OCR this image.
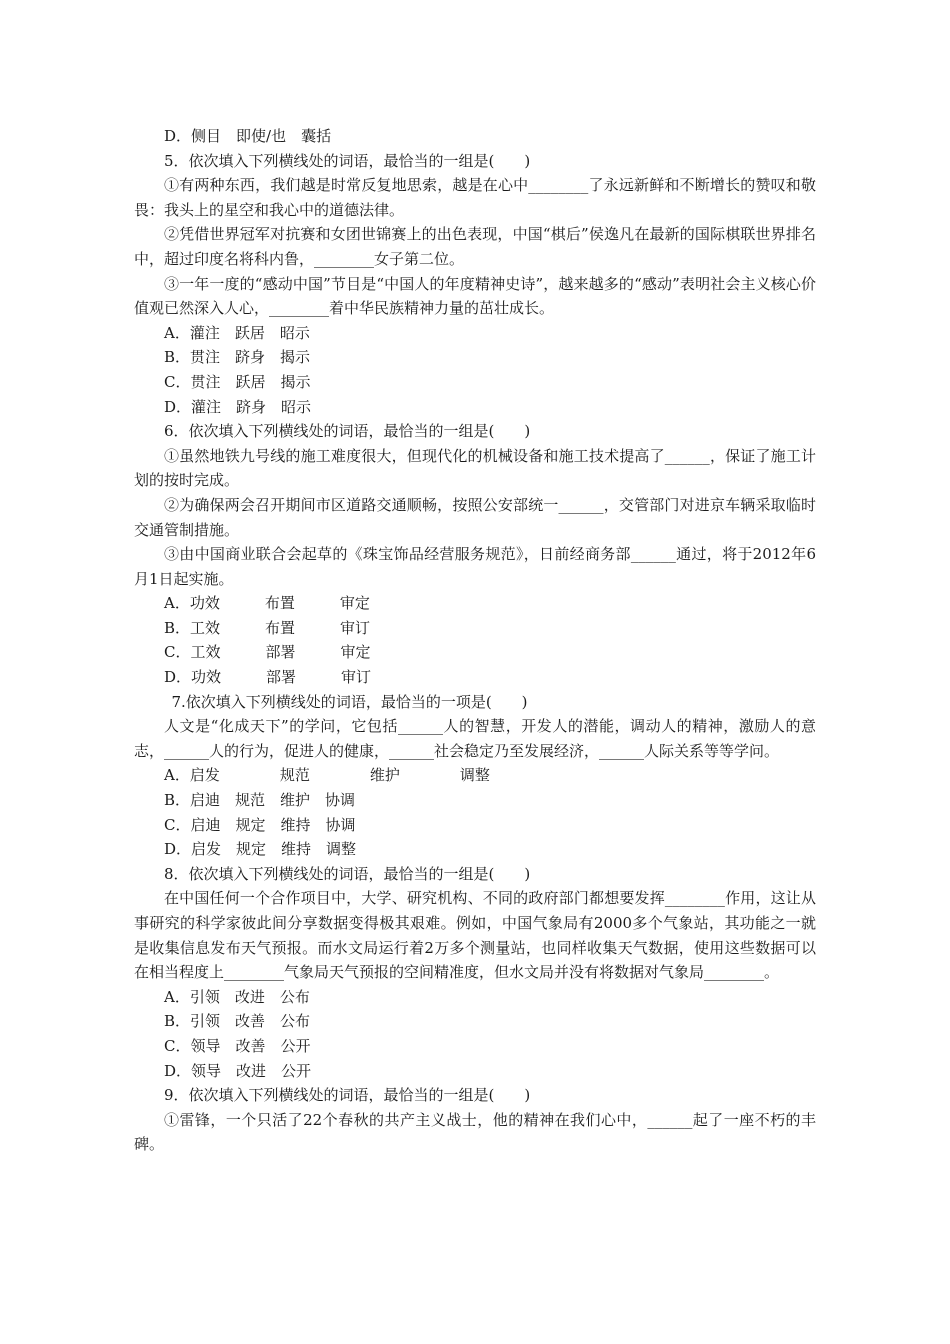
D．侧目　即使/也　囊括
5．依次填入下列横线处的词语，最恰当的一组是(　　)
①有两种东西，我们越是时常反复地思索，越是在心中________了永远新鲜和不断增长的赞叹和敬畏：我头上的星空和我心中的道德法律。
②凭借世界冠军对抗赛和女团世锦赛上的出色表现，中国“棋后”侯逸凡在最新的国际棋联世界排名中，超过印度名将科内鲁，________女子第二位。
③一年一度的“感动中国”节目是“中国人的年度精神史诗”，越来越多的“感动”表明社会主义核心价值观已然深入人心，________着中华民族精神力量的茁壮成长。
A．灌注　跃居　昭示
B．贯注　跻身　揭示
C．贯注　跃居　揭示
D．灌注　跻身　昭示
6．依次填入下列横线处的词语，最恰当的一组是(　　)
①虽然地铁九号线的施工难度很大，但现代化的机械设备和施工技术提高了______，保证了施工计划的按时完成。
②为确保两会召开期间市区道路交通顺畅，按照公安部统一______，交管部门对进京车辆采取临时交通管制措施。
③由中国商业联合会起草的《珠宝饰品经营服务规范》，日前经商务部______通过，将于2012年6月1日起实施。
A．功效　　　布置　　　审定
B．工效　　　布置　　　审订
C．工效　　　部署　　　审定
D．功效　　　部署　　　审订
7.依次填入下列横线处的词语，最恰当的一项是(　　)
人文是“化成天下”的学问，它包括______人的智慧，开发人的潜能，调动人的精神，激励人的意志，______人的行为，促进人的健康，______社会稳定乃至发展经济，______人际关系等等学问。
A．启发　　　　规范　　　　维护　　　　调整
B．启迪　规范　维护　协调
C．启迪　规定　维持　协调
D．启发　规定　维持　调整
8．依次填入下列横线处的词语，最恰当的一组是(　　)
在中国任何一个合作项目中，大学、研究机构、不同的政府部门都想要发挥________作用，这让从事研究的科学家彼此间分享数据变得极其艰难。例如，中国气象局有2000多个气象站，其功能之一就是收集信息发布天气预报。而水文局运行着2万多个测量站，也同样收集天气数据，使用这些数据可以在相当程度上________气象局天气预报的空间精准度，但水文局并没有将数据对气象局________。
A．引领　改进　公布
B．引领　改善　公布
C．领导　改善　公开
D．领导　改进　公开
9．依次填入下列横线处的词语，最恰当的一组是(　　)
①雷锋，一个只活了22个春秋的共产主义战士，他的精神在我们心中，______起了一座不朽的丰碑。
